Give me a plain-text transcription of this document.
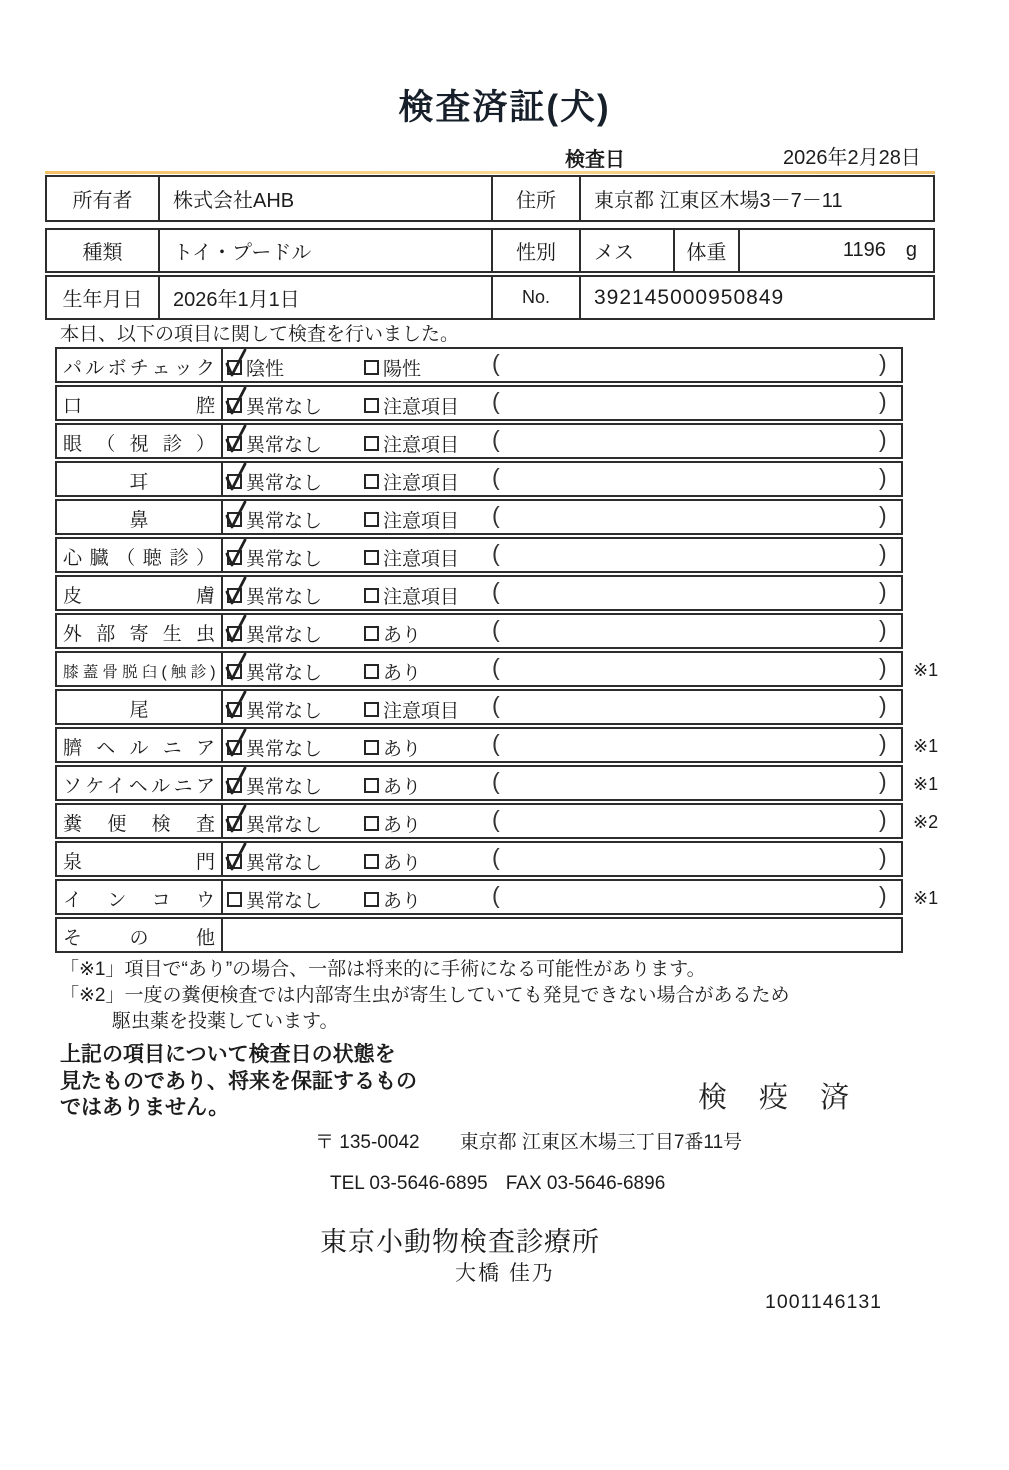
検査済証(犬)
検査日	2026年2月28日
所有者	株式会社AHB	住所	東京都 江東区木場3－7－11
種類	トイ・プードル	性別	メス	体重	1196 g
生年月日	2026年1月1日	No.	392145000950849
本日、以下の項目に関して検査を行いました。
パルボチェック	陰性	陽性	(	)
口腔	異常なし	注意項目 (	)
眼（視診）	異常なし	注意項目 (	)
耳	異常なし	注意項目 (	)
鼻	異常なし	注意項目 (	)
心臓（聴診）	異常なし	注意項目 (	)
皮膚	異常なし	注意項目 (	)
外部寄生虫	異常なし	あり	(	)
膝蓋骨脱臼(触診)	異常なし	あり	(	) ※1
尾	異常なし	注意項目 (	)
臍ヘルニア	異常なし	あり	(	) ※1
ソケイヘルニア	異常なし	あり	(	) ※1
糞便検査	異常なし	あり	(	) ※2
泉門	異常なし	あり	(	)
インコウ	異常なし	あり	(	) ※1
その他
「※1」項目で“あり”の場合、一部は将来的に手術になる可能性があります。
「※2」一度の糞便検査では内部寄生虫が寄生していても発見できない場合があるため
駆虫薬を投薬しています。
上記の項目について検査日の状態を
見たものであり、将来を保証するもの
ではありません。	検 疫 済
〒 135-0042 東京都 江東区木場三丁目7番11号
TEL 03-5646-6895 FAX 03-5646-6896
東京小動物検査診療所
大橋 佳乃
1001146131
